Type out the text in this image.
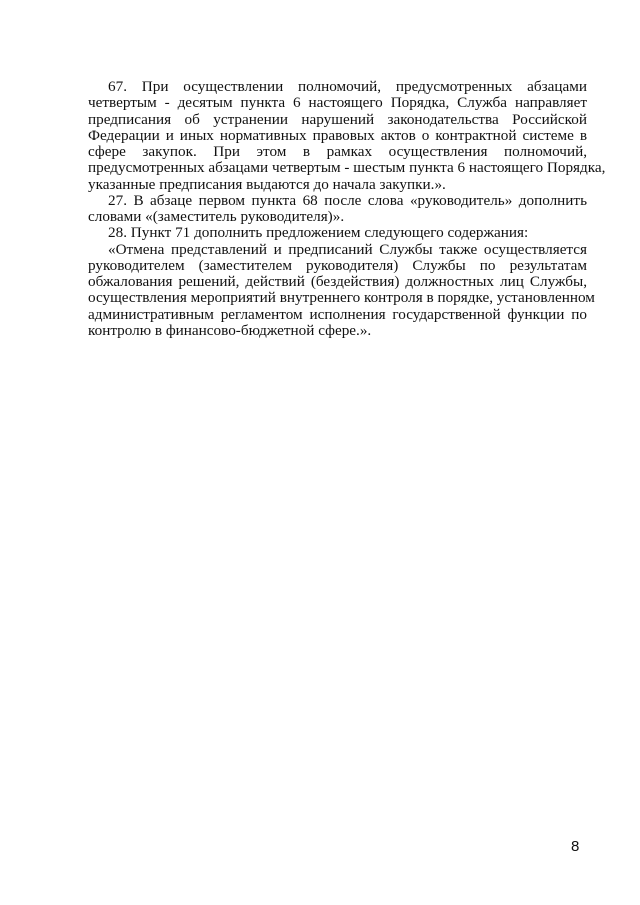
67. При осуществлении полномочий, предусмотренных абзацами
четвертым - десятым пункта 6 настоящего Порядка, Служба направляет
предписания об устранении нарушений законодательства Российской
Федерации и иных нормативных правовых актов о контрактной системе в
сфере закупок. При этом в рамках осуществления полномочий,
предусмотренных абзацами четвертым - шестым пункта 6 настоящего Порядка,
указанные предписания выдаются до начала закупки.».
27. В абзаце первом пункта 68 после слова «руководитель» дополнить
словами «(заместитель руководителя)».
28. Пункт 71 дополнить предложением следующего содержания:
«Отмена представлений и предписаний Службы также осуществляется
руководителем (заместителем руководителя) Службы по результатам
обжалования решений, действий (бездействия) должностных лиц Службы,
осуществления мероприятий внутреннего контроля в порядке, установленном
административным регламентом исполнения государственной функции по
контролю в финансово-бюджетной сфере.».
8
